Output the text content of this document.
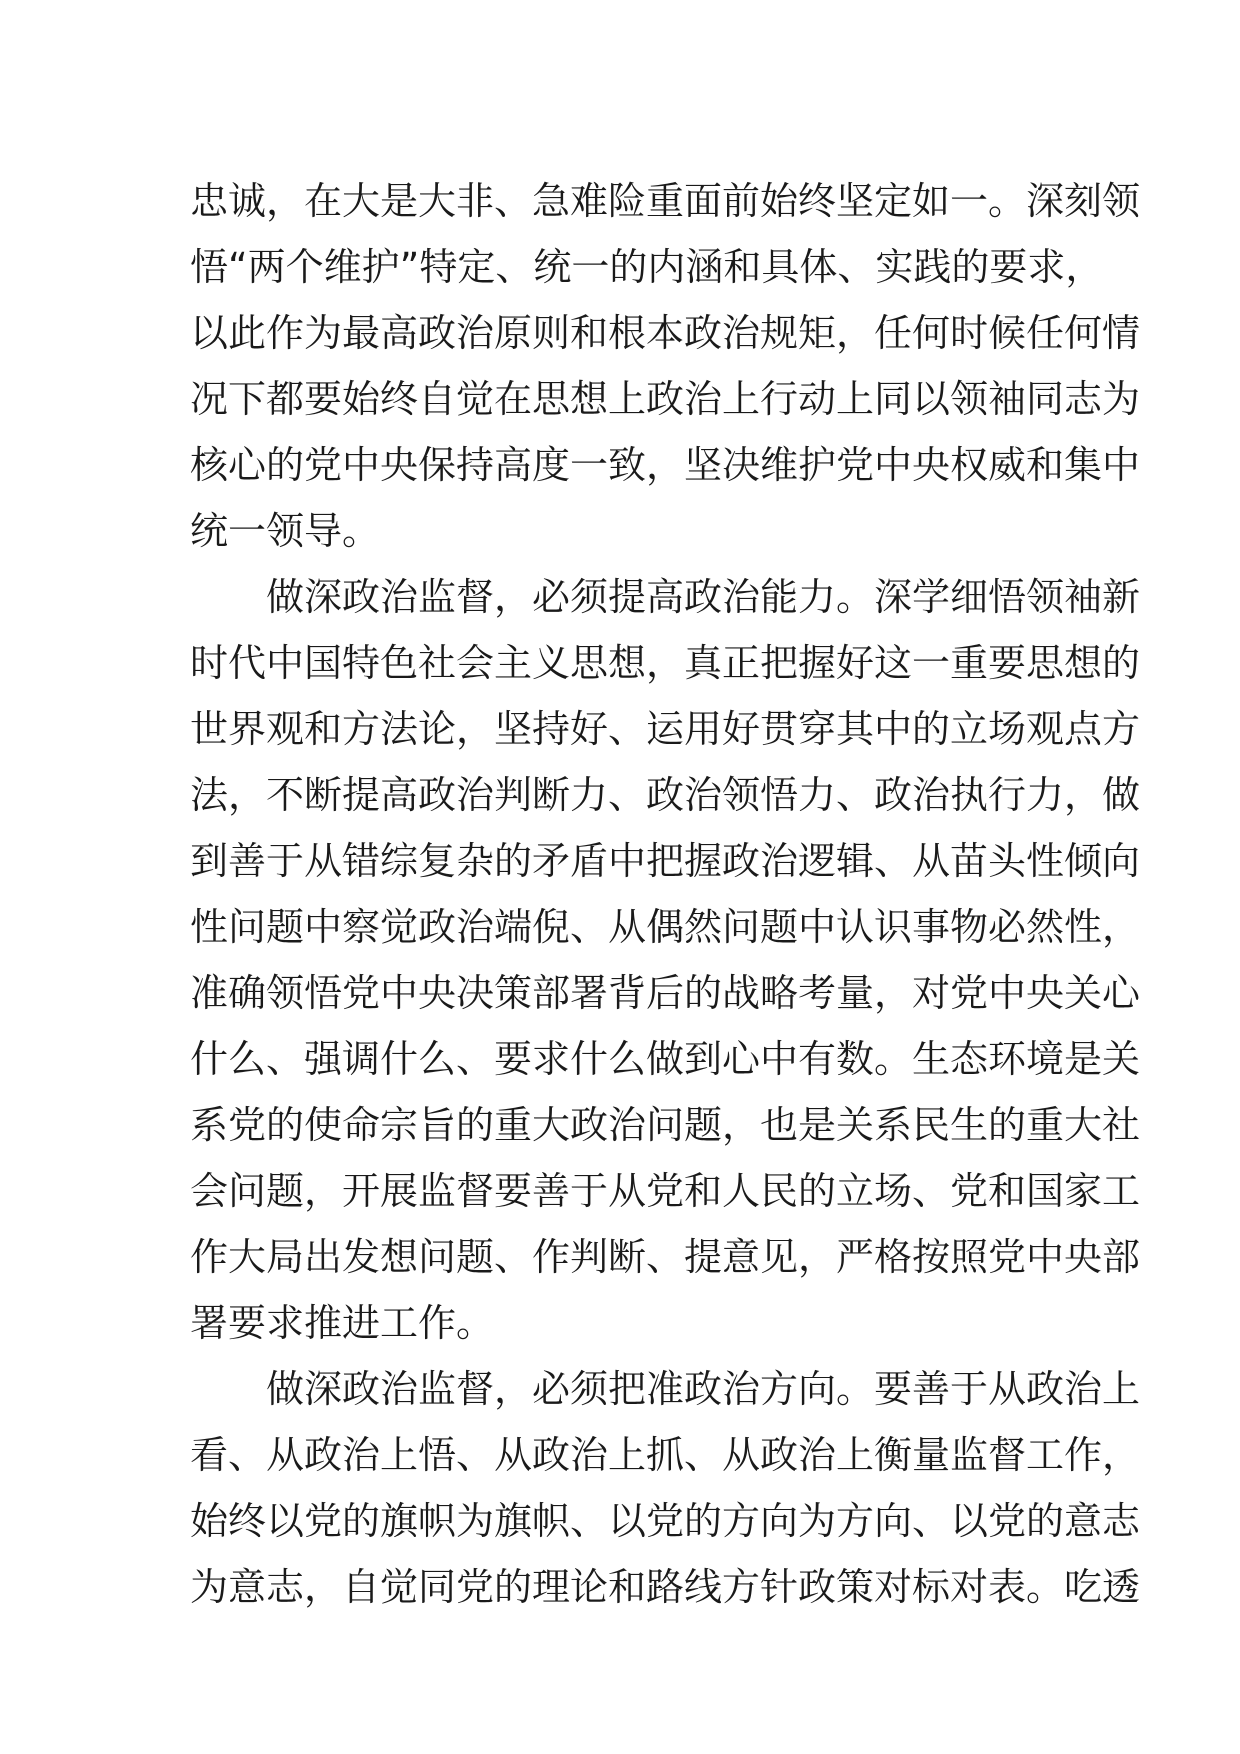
忠诚，在大是大非、急难险重面前始终坚定如一。深刻领
悟“两个维护”特定、统一的内涵和具体、实践的要求，
以此作为最高政治原则和根本政治规矩，任何时候任何情
况下都要始终自觉在思想上政治上行动上同以领袖同志为
核心的党中央保持高度一致，坚决维护党中央权威和集中
统一领导。
做深政治监督，必须提高政治能力。深学细悟领袖新
时代中国特色社会主义思想，真正把握好这一重要思想的
世界观和方法论，坚持好、运用好贯穿其中的立场观点方
法，不断提高政治判断力、政治领悟力、政治执行力，做
到善于从错综复杂的矛盾中把握政治逻辑、从苗头性倾向
性问题中察觉政治端倪、从偶然问题中认识事物必然性，
准确领悟党中央决策部署背后的战略考量，对党中央关心
什么、强调什么、要求什么做到心中有数。生态环境是关
系党的使命宗旨的重大政治问题，也是关系民生的重大社
会问题，开展监督要善于从党和人民的立场、党和国家工
作大局出发想问题、作判断、提意见，严格按照党中央部
署要求推进工作。
做深政治监督，必须把准政治方向。要善于从政治上
看、从政治上悟、从政治上抓、从政治上衡量监督工作，
始终以党的旗帜为旗帜、以党的方向为方向、以党的意志
为意志，自觉同党的理论和路线方针政策对标对表。吃透
